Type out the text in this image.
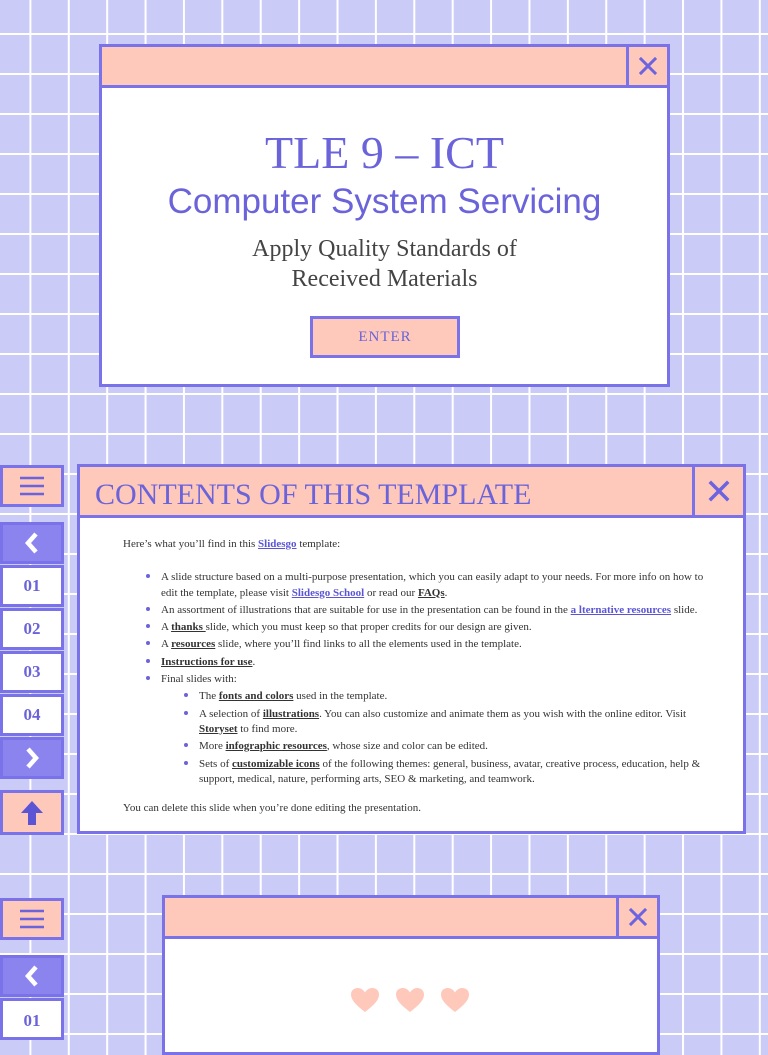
TLE 9 – ICT
Computer System Servicing
Apply Quality Standards of
Received Materials
ENTER
01
02
03
04
CONTENTS OF THIS TEMPLATE

Here’s what you’ll find in this Slidesgo template:

• A slide structure based on a multi-purpose presentation, which you can easily adapt to your needs. For more info on how to edit the template, please visit Slidesgo School or read our FAQs.
• An assortment of illustrations that are suitable for use in the presentation can be found in the a lternative resources slide.
• A thanks slide, which you must keep so that proper credits for our design are given.
• A resources slide, where you’ll find links to all the elements used in the template.
• Instructions for use.
• Final slides with:
• The fonts and colors used in the template.
• A selection of illustrations. You can also customize and animate them as you wish with the online editor. Visit Storyset to find more.
• More infographic resources, whose size and color can be edited.
• Sets of customizable icons of the following themes: general, business, avatar, creative process, education, help & support, medical, nature, performing arts, SEO & marketing, and teamwork.

You can delete this slide when you’re done editing the presentation.

01
